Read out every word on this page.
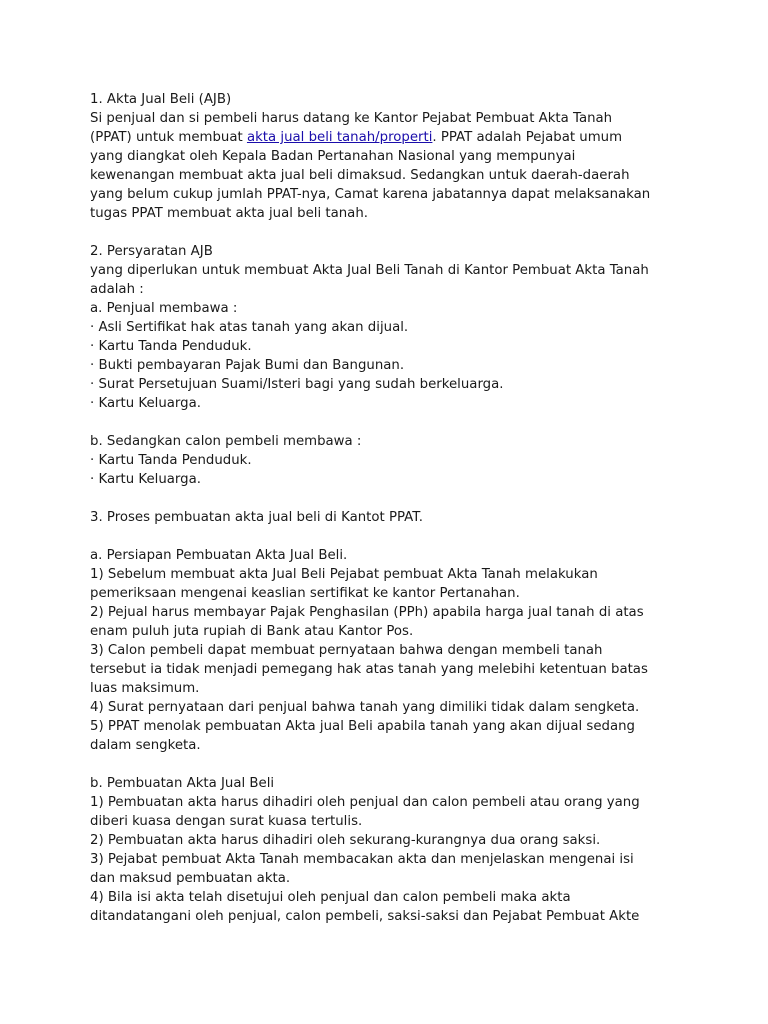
1. Akta Jual Beli (AJB)
Si penjual dan si pembeli harus datang ke Kantor Pejabat Pembuat Akta Tanah
(PPAT) untuk membuat akta jual beli tanah/properti. PPAT adalah Pejabat umum
yang diangkat oleh Kepala Badan Pertanahan Nasional yang mempunyai
kewenangan membuat akta jual beli dimaksud. Sedangkan untuk daerah-daerah
yang belum cukup jumlah PPAT-nya, Camat karena jabatannya dapat melaksanakan
tugas PPAT membuat akta jual beli tanah.
2. Persyaratan AJB
yang diperlukan untuk membuat Akta Jual Beli Tanah di Kantor Pembuat Akta Tanah
adalah :
a. Penjual membawa :
· Asli Sertifikat hak atas tanah yang akan dijual.
· Kartu Tanda Penduduk.
· Bukti pembayaran Pajak Bumi dan Bangunan.
· Surat Persetujuan Suami/Isteri bagi yang sudah berkeluarga.
· Kartu Keluarga.
b. Sedangkan calon pembeli membawa :
· Kartu Tanda Penduduk.
· Kartu Keluarga.
3. Proses pembuatan akta jual beli di Kantot PPAT.
a. Persiapan Pembuatan Akta Jual Beli.
1) Sebelum membuat akta Jual Beli Pejabat pembuat Akta Tanah melakukan
pemeriksaan mengenai keaslian sertifikat ke kantor Pertanahan.
2) Pejual harus membayar Pajak Penghasilan (PPh) apabila harga jual tanah di atas
enam puluh juta rupiah di Bank atau Kantor Pos.
3) Calon pembeli dapat membuat pernyataan bahwa dengan membeli tanah
tersebut ia tidak menjadi pemegang hak atas tanah yang melebihi ketentuan batas
luas maksimum.
4) Surat pernyataan dari penjual bahwa tanah yang dimiliki tidak dalam sengketa.
5) PPAT menolak pembuatan Akta jual Beli apabila tanah yang akan dijual sedang
dalam sengketa.
b. Pembuatan Akta Jual Beli
1) Pembuatan akta harus dihadiri oleh penjual dan calon pembeli atau orang yang
diberi kuasa dengan surat kuasa tertulis.
2) Pembuatan akta harus dihadiri oleh sekurang-kurangnya dua orang saksi.
3) Pejabat pembuat Akta Tanah membacakan akta dan menjelaskan mengenai isi
dan maksud pembuatan akta.
4) Bila isi akta telah disetujui oleh penjual dan calon pembeli maka akta
ditandatangani oleh penjual, calon pembeli, saksi-saksi dan Pejabat Pembuat Akte
